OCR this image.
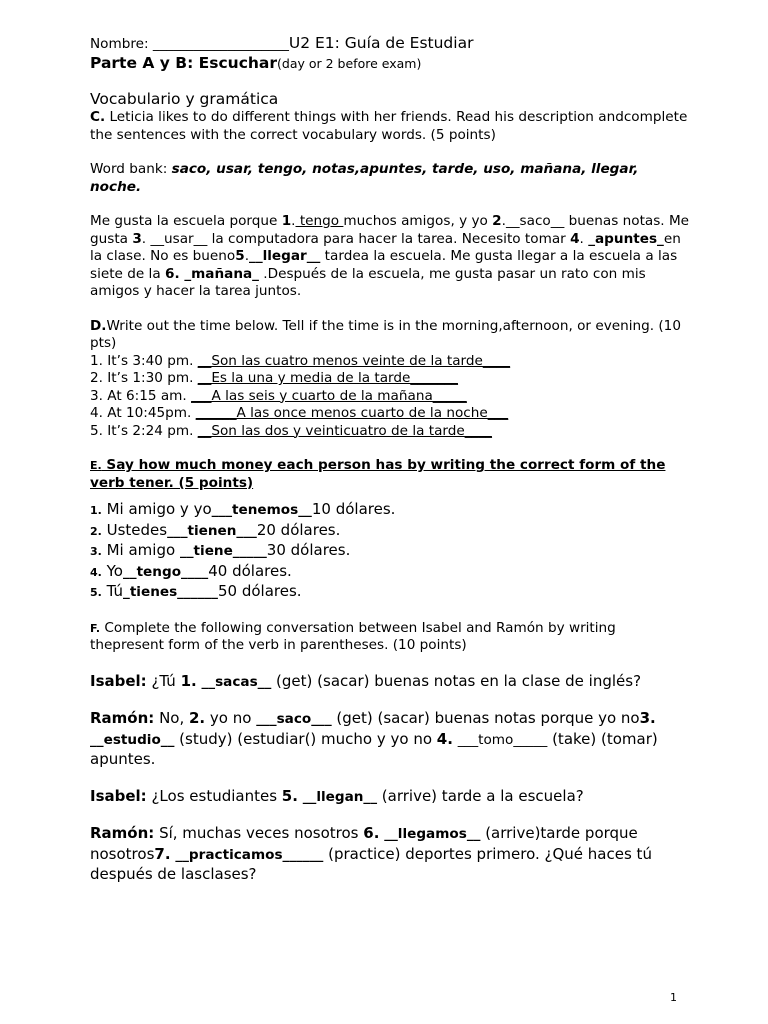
Nombre: ____________________U2 E1: Guía de Estudiar

Parte A y B: Escuchar(day or 2 before exam)

Vocabulario y gramática

C. Leticia likes to do different things with her friends. Read his description andcomplete the sentences with the correct vocabulary words. (5 points)

Word bank: saco, usar, tengo, notas,apuntes, tarde, uso, mañana, llegar, noche.

Me gusta la escuela porque 1. tengo muchos amigos, y yo 2.__saco__ buenas notas. Me gusta 3. __usar__ la computadora para hacer la tarea. Necesito tomar 4. _apuntes_en la clase. No es bueno5.__llegar__ tardea la escuela. Me gusta llegar a la escuela a las siete de la 6. _mañana_ .Después de la escuela, me gusta pasar un rato con mis amigos y hacer la tarea juntos.

D.Write out the time below. Tell if the time is in the morning,afternoon, or evening. (10 pts)

1. It’s 3:40 pm. __Son las cuatro menos veinte de la tarde____

2. It’s 1:30 pm. __Es la una y media de la tarde_______

3. At 6:15 am. ___A las seis y cuarto de la mañana_____

4. At 10:45pm. ______A las once menos cuarto de la noche___

5. It’s 2:24 pm. __Son las dos y veinticuatro de la tarde____

E. Say how much money each person has by writing the correct form of the verb tener. (5 points)

1. Mi amigo y yo___tenemos__10 dólares.

2. Ustedes___tienen___20 dólares.

3. Mi amigo __tiene_____30 dólares.

4. Yo__tengo____40 dólares.

5. Tú_tienes______50 dólares.

F. Complete the following conversation between Isabel and Ramón by writing thepresent form of the verb in parentheses. (10 points)

Isabel: ¿Tú 1. __sacas__ (get) (sacar) buenas notas en la clase de inglés?

Ramón: No, 2. yo no ___saco___ (get) (sacar) buenas notas porque yo no3. __estudio__ (study) (estudiar() mucho y yo no 4. ___tomo_____ (take) (tomar) apuntes.

Isabel: ¿Los estudiantes 5. __llegan__ (arrive) tarde a la escuela?

Ramón: Sí, muchas veces nosotros 6. __llegamos__ (arrive)tarde porque
nosotros7. __practicamos______ (practice) deportes primero. ¿Qué haces tú después de lasclases?

1
